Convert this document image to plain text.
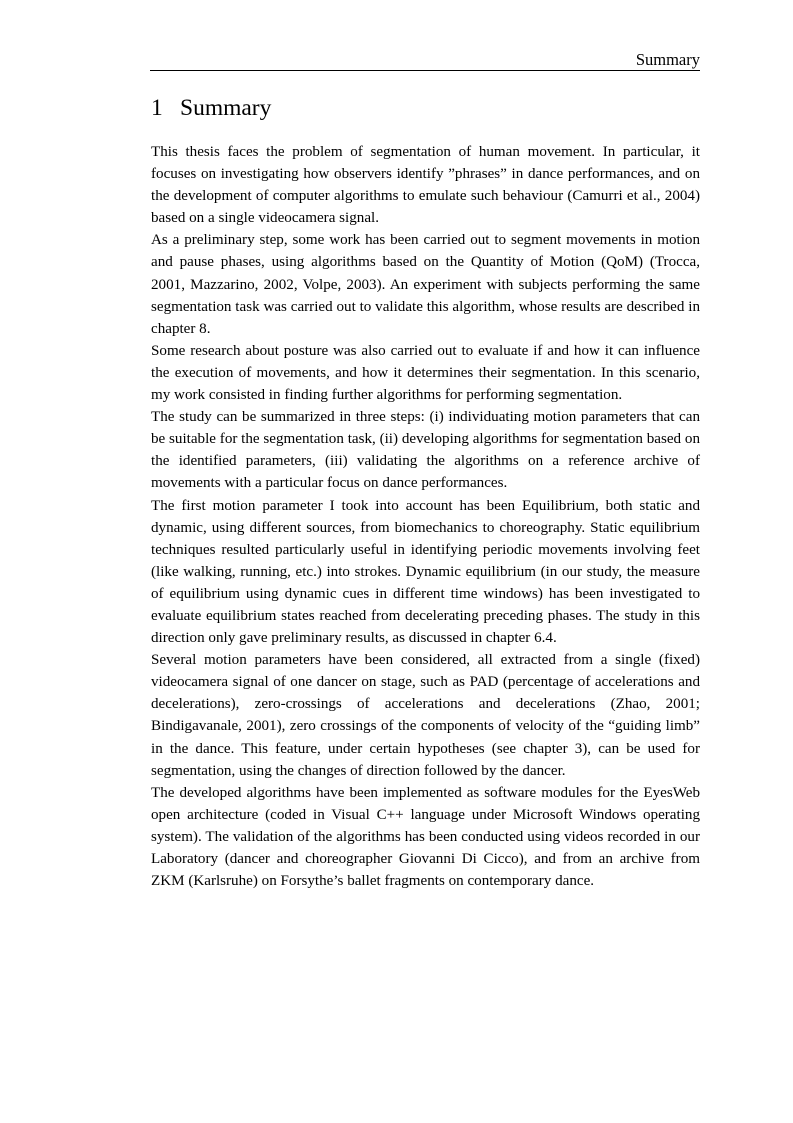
Summary
1 Summary

This thesis faces the problem of segmentation of human movement. In particular, it focuses on investigating how observers identify ”phrases” in dance performances, and on the development of computer algorithms to emulate such behaviour (Camurri et al., 2004) based on a single videocamera signal.

As a preliminary step, some work has been carried out to segment movements in motion and pause phases, using algorithms based on the Quantity of Motion (QoM) (Trocca, 2001, Mazzarino, 2002, Volpe, 2003). An experiment with subjects performing the same segmentation task was carried out to validate this algorithm, whose results are described in chapter 8.

Some research about posture was also carried out to evaluate if and how it can influence the execution of movements, and how it determines their segmentation. In this scenario, my work consisted in finding further algorithms for performing segmentation.

The study can be summarized in three steps: (i) individuating motion parameters that can be suitable for the segmentation task, (ii) developing algorithms for segmentation based on the identified parameters, (iii) validating the algorithms on a reference archive of movements with a particular focus on dance performances.

The first motion parameter I took into account has been Equilibrium, both static and dynamic, using different sources, from biomechanics to choreography. Static equilibrium techniques resulted particularly useful in identifying periodic movements involving feet (like walking, running, etc.) into strokes. Dynamic equilibrium (in our study, the measure of equilibrium using dynamic cues in different time windows) has been investigated to evaluate equilibrium states reached from decelerating preceding phases. The study in this direction only gave preliminary results, as discussed in chapter 6.4.

Several motion parameters have been considered, all extracted from a single (fixed) videocamera signal of one dancer on stage, such as PAD (percentage of accelerations and decelerations), zero-crossings of accelerations and decelerations (Zhao, 2001; Bindigavanale, 2001), zero crossings of the components of velocity of the “guiding limb” in the dance. This feature, under certain hypotheses (see chapter 3), can be used for segmentation, using the changes of direction followed by the dancer.

The developed algorithms have been implemented as software modules for the EyesWeb open architecture (coded in Visual C++ language under Microsoft Windows operating system). The validation of the algorithms has been conducted using videos recorded in our Laboratory (dancer and choreographer Giovanni Di Cicco), and from an archive from ZKM (Karlsruhe) on Forsythe’s ballet fragments on contemporary dance.
